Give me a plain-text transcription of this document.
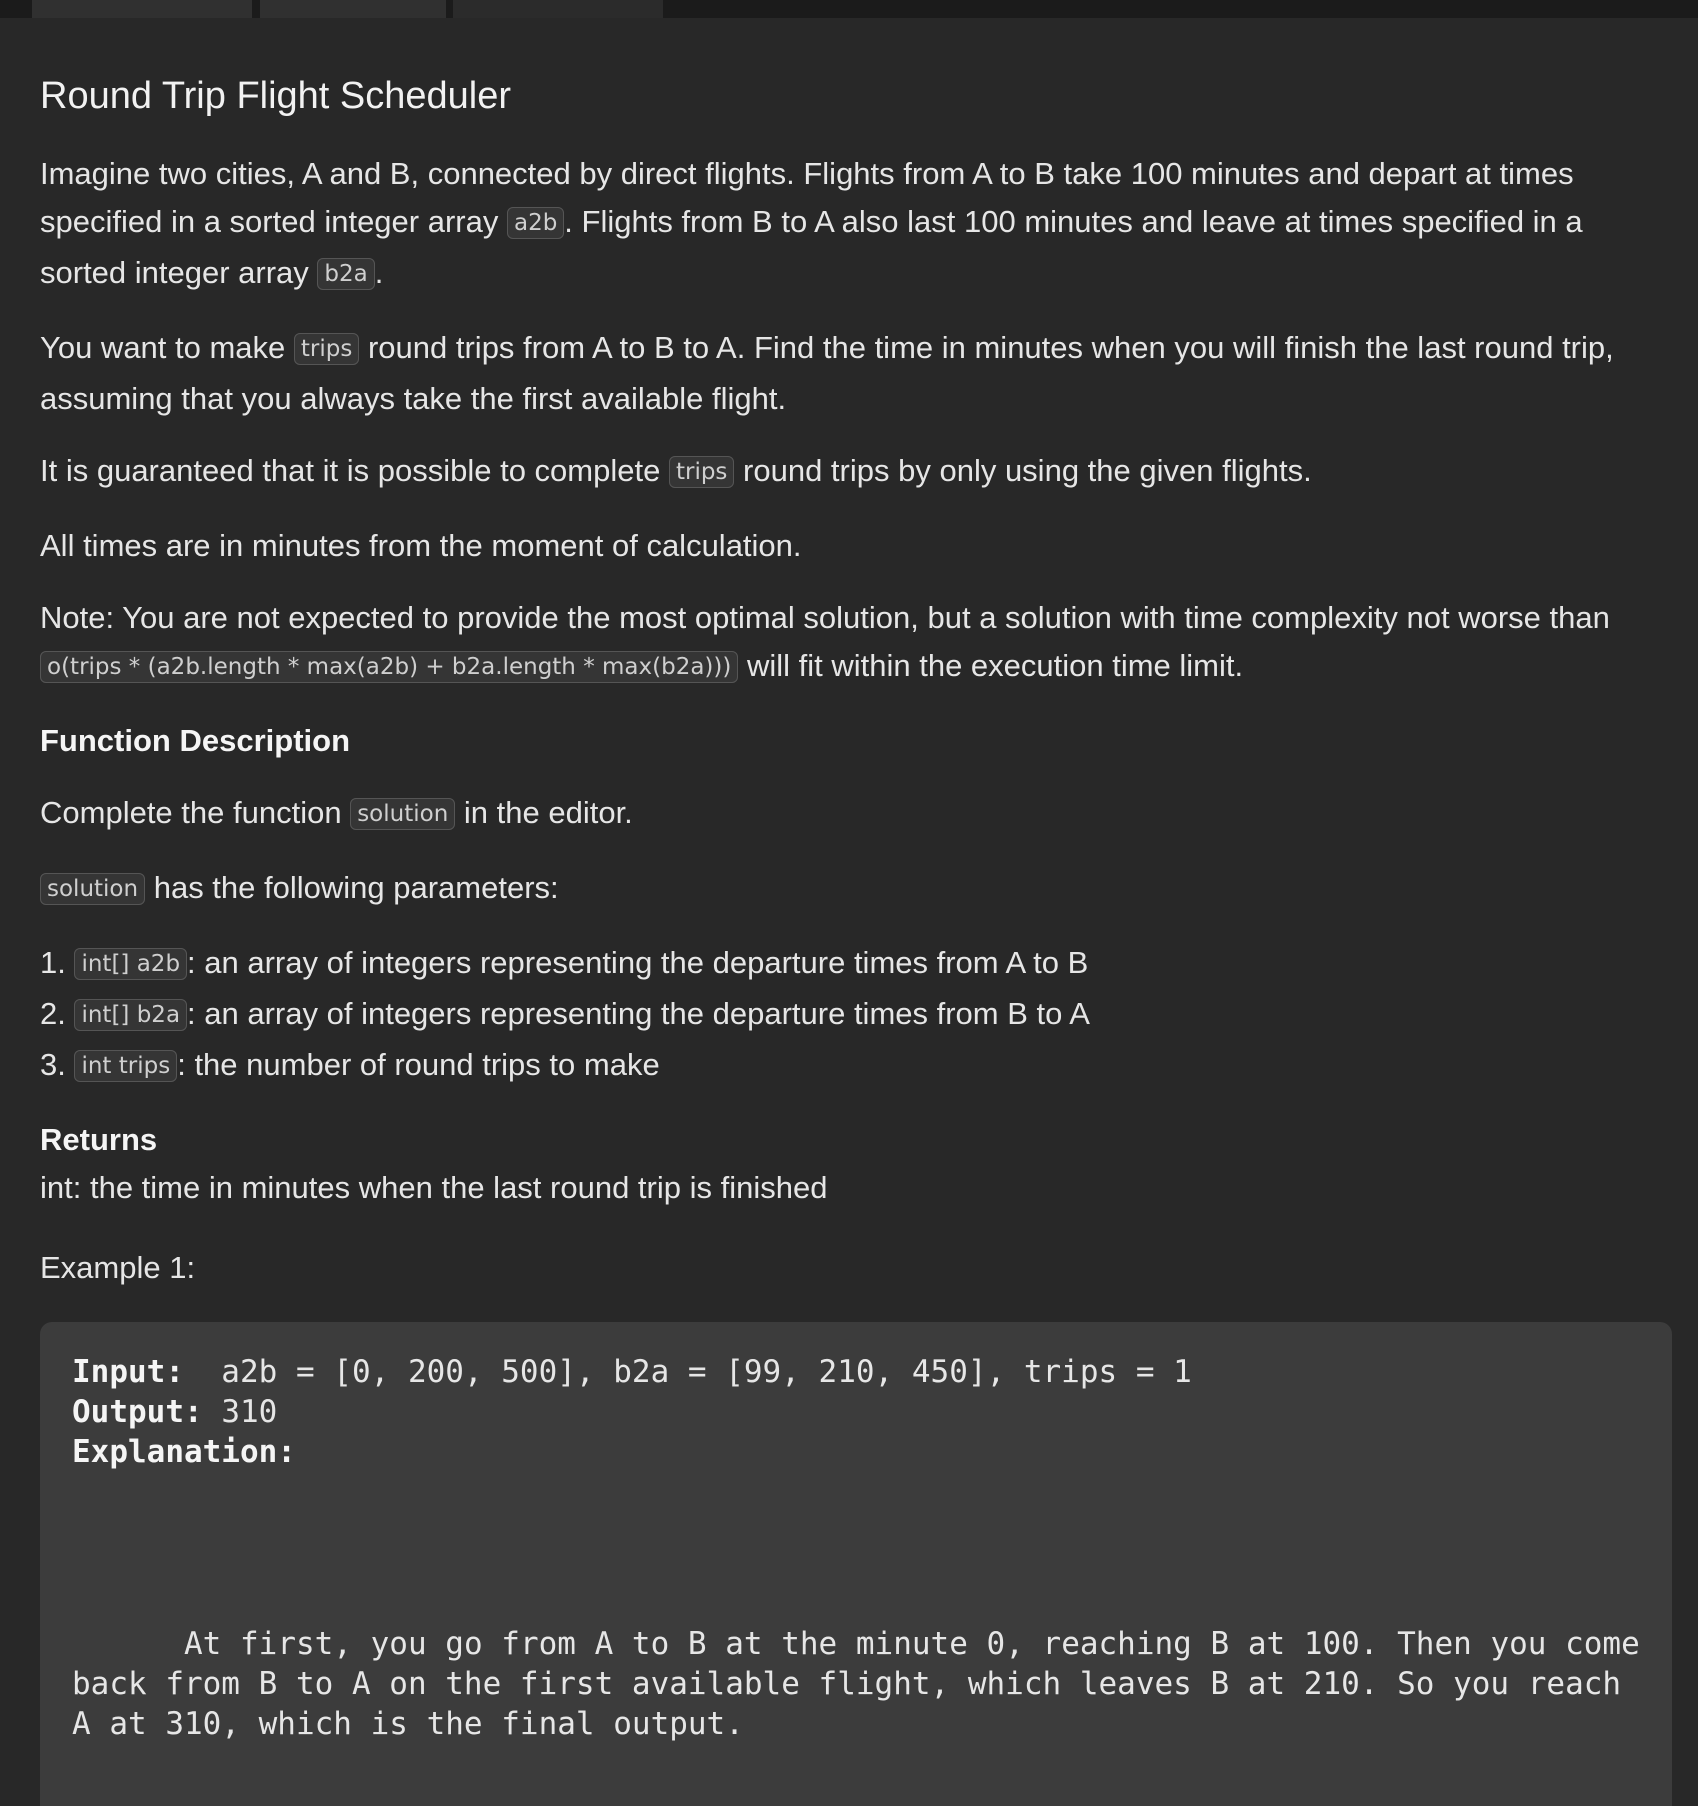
Round Trip Flight Scheduler

Imagine two cities, A and B, connected by direct flights. Flights from A to B take 100 minutes and depart at times specified in a sorted integer array a2b . Flights from B to A also last 100 minutes and leave at times specified in a sorted integer array b2a .

You want to make trips round trips from A to B to A. Find the time in minutes when you will finish the last round trip, assuming that you always take the first available flight.

It is guaranteed that it is possible to complete trips round trips by only using the given flights.

All times are in minutes from the moment of calculation.

Note: You are not expected to provide the most optimal solution, but a solution with time complexity not worse than o(trips * (a2b.length * max(a2b) + b2a.length * max(b2a))) will fit within the execution time limit.

Function Description

Complete the function solution in the editor.

solution has the following parameters:

1. int[] a2b : an array of integers representing the departure times from A to B
2. int[] b2a : an array of integers representing the departure times from B to A
3. int trips : the number of round trips to make
Returns

int: the time in minutes when the last round trip is finished

Example 1:

Input:  a2b = [0, 200, 500], b2a = [99, 210, 450], trips = 1
Output: 310
Explanation:
At first, you go from A to B at the minute 0, reaching B at 100. Then you come back from B to A on the first available flight, which leaves B at 210. So you reach A at 310, which is the final output.
